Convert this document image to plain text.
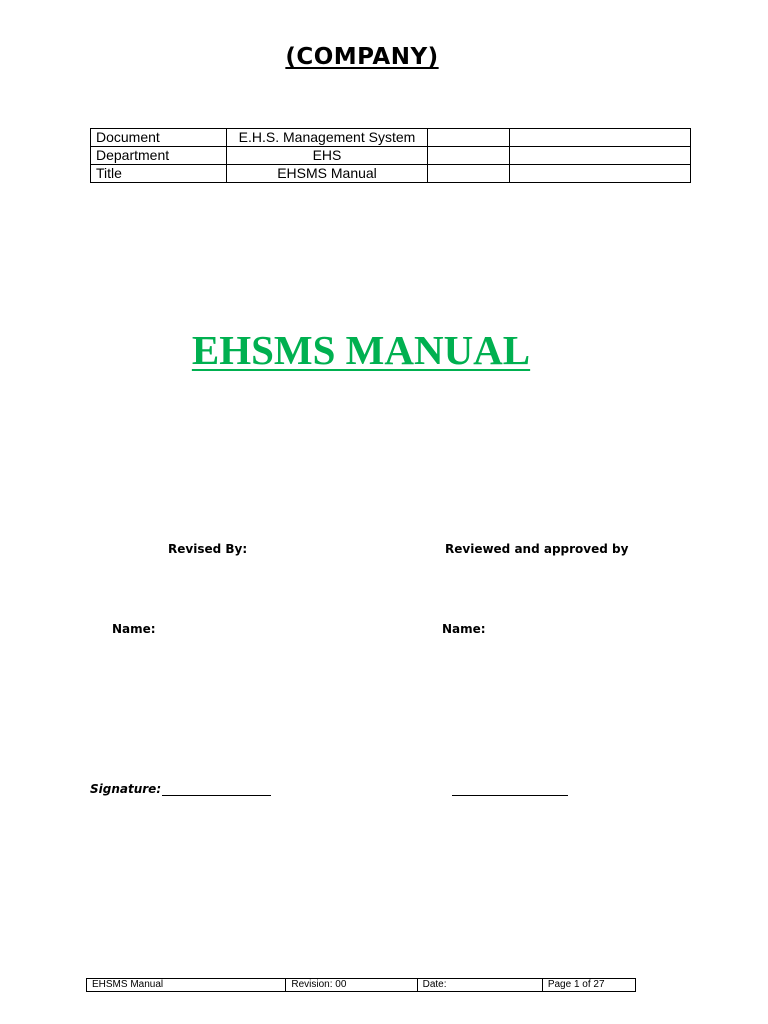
(COMPANY)
Document	E.H.S. Management System		
Department	EHS		
Title	EHSMS Manual		
EHSMS MANUAL
Revised By:	Reviewed and approved by
Name:	Name:
Signature:
EHSMS Manual	Revision: 00	Date:	Page 1 of 27
